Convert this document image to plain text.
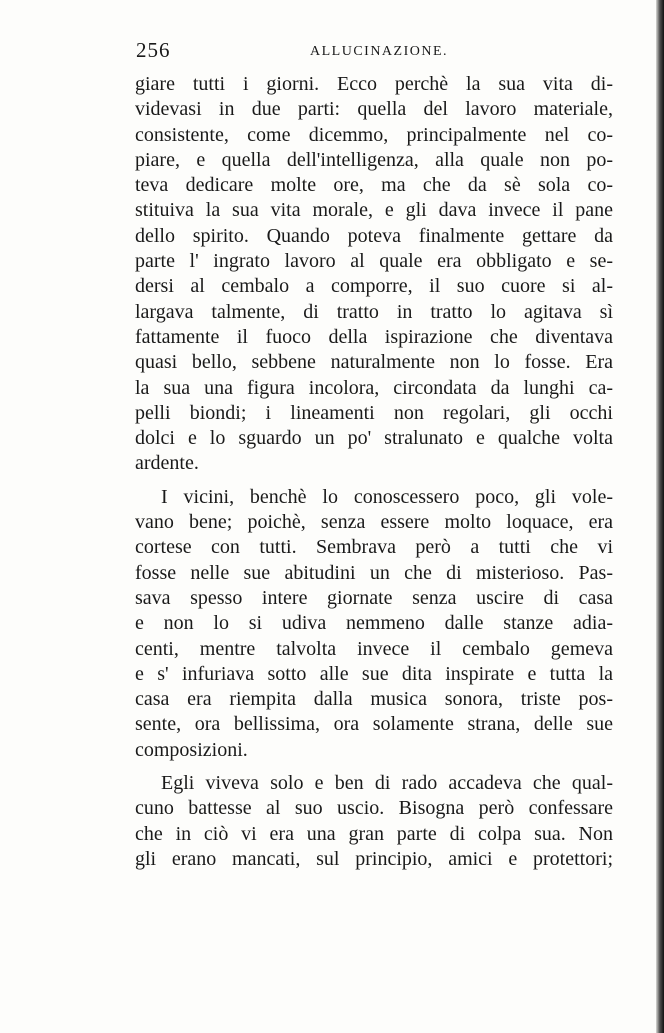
256	ALLUCINAZIONE.
giare tutti i giorni. Ecco perchè la sua vita di-
videvasi in due parti: quella del lavoro materiale,
consistente, come dicemmo, principalmente nel co-
piare, e quella dell'intelligenza, alla quale non po-
teva dedicare molte ore, ma che da sè sola co-
stituiva la sua vita morale, e gli dava invece il pane
dello spirito. Quando poteva finalmente gettare da
parte l' ingrato lavoro al quale era obbligato e se-
dersi al cembalo a comporre, il suo cuore si al-
largava talmente, di tratto in tratto lo agitava sì
fattamente il fuoco della ispirazione che diventava
quasi bello, sebbene naturalmente non lo fosse. Era
la sua una figura incolora, circondata da lunghi ca-
pelli biondi; i lineamenti non regolari, gli occhi
dolci e lo sguardo un po' stralunato e qualche volta
ardente.
I vicini, benchè lo conoscessero poco, gli vole-
vano bene; poichè, senza essere molto loquace, era
cortese con tutti. Sembrava però a tutti che vi
fosse nelle sue abitudini un che di misterioso. Pas-
sava spesso intere giornate senza uscire di casa
e non lo si udiva nemmeno dalle stanze adia-
centi, mentre talvolta invece il cembalo gemeva
e s' infuriava sotto alle sue dita inspirate e tutta la
casa era riempita dalla musica sonora, triste pos-
sente, ora bellissima, ora solamente strana, delle sue
composizioni.
Egli viveva solo e ben di rado accadeva che qual-
cuno battesse al suo uscio. Bisogna però confessare
che in ciò vi era una gran parte di colpa sua. Non
gli erano mancati, sul principio, amici e protettori;
